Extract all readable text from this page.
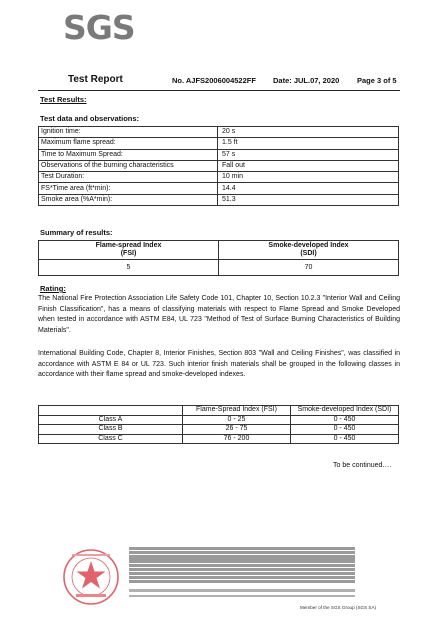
SGS
Test Report	No. AJFS2006004522FF Date: JUL.07, 2020 Page 3 of 5
Test Results:
Test data and observations:
Ignition time:	20 s
Maximum flame spread:	1.5 ft
Time to Maximum Spread:	57 s
Observations of the burning characteristics	Fall out
Test Duration:	10 min
FS*Time area (ft*min):	14.4
Smoke area (%A*min):	51.3
Summary of results:
Flame-spread Index
(FSI)	Smoke-developed Index
(SDI)
5	70
Rating:
The National Fire Protection Association Life Safety Code 101, Chapter 10, Section 10.2.3 "Interior Wall and Ceiling Finish Classification", has a means of classifying materials with respect to Flame Spread and Smoke Developed when tested in accordance with ASTM E84, UL 723 "Method of Test of Surface Burning Characteristics of Building Materials".
International Building Code, Chapter 8, Interior Finishes, Section 803 "Wall and Ceiling Finishes", was classified in accordance with ASTM E 84 or UL 723. Such interior finish materials shall be grouped in the following classes in accordance with their flame spread and smoke-developed indexes.
	Flame-Spread Index (FSI)	Smoke-developed Index (SDI)
Class A	0 - 25	0 - 450
Class B	26 - 75	0 - 450
Class C	76 - 200	0 - 450
To be continued….
Member of the SGS Group (SGS SA)
